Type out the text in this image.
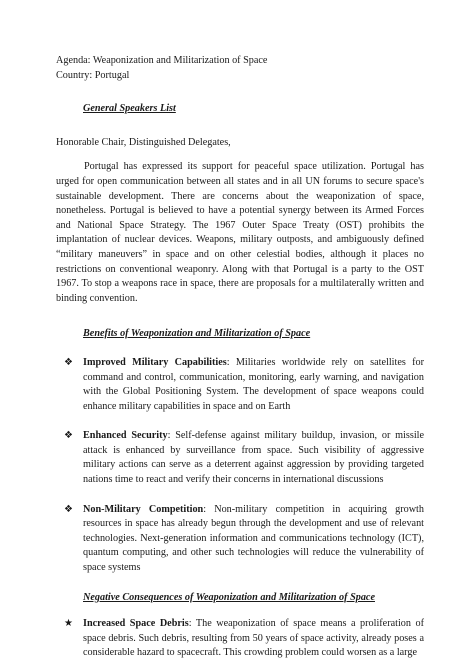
Agenda: Weaponization and Militarization of Space

Country: Portugal

General Speakers List

Honorable Chair, Distinguished Delegates,

Portugal has expressed its support for peaceful space utilization. Portugal has urged for open communication between all states and in all UN forums to secure space's sustainable development. There are concerns about the weaponization of space, nonetheless. Portugal is believed to have a potential synergy between its Armed Forces and National Space Strategy. The 1967 Outer Space Treaty (OST) prohibits the implantation of nuclear devices. Weapons, military outposts, and ambiguously defined “military maneuvers” in space and on other celestial bodies, although it places no restrictions on conventional weaponry. Along with that Portugal is a party to the OST 1967. To stop a weapons race in space, there are proposals for a multilaterally written and binding convention.

Benefits of Weaponization and Militarization of Space

❖ Improved Military Capabilities: Militaries worldwide rely on satellites for command and control, communication, monitoring, early warning, and navigation with the Global Positioning System. The development of space weapons could enhance military capabilities in space and on Earth
❖ Enhanced Security: Self-defense against military buildup, invasion, or missile attack is enhanced by surveillance from space. Such visibility of aggressive military actions can serve as a deterrent against aggression by providing targeted nations time to react and verify their concerns in international discussions
❖ Non-Military Competition: Non-military competition in acquiring growth resources in space has already begun through the development and use of relevant technologies. Next-generation information and communications technology (ICT), quantum computing, and other such technologies will reduce the vulnerability of space systems

Negative Consequences of Weaponization and Militarization of Space

★ Increased Space Debris: The weaponization of space means a proliferation of space debris. Such debris, resulting from 50 years of space activity, already poses a considerable hazard to spacecraft. This crowding problem could worsen as a large
